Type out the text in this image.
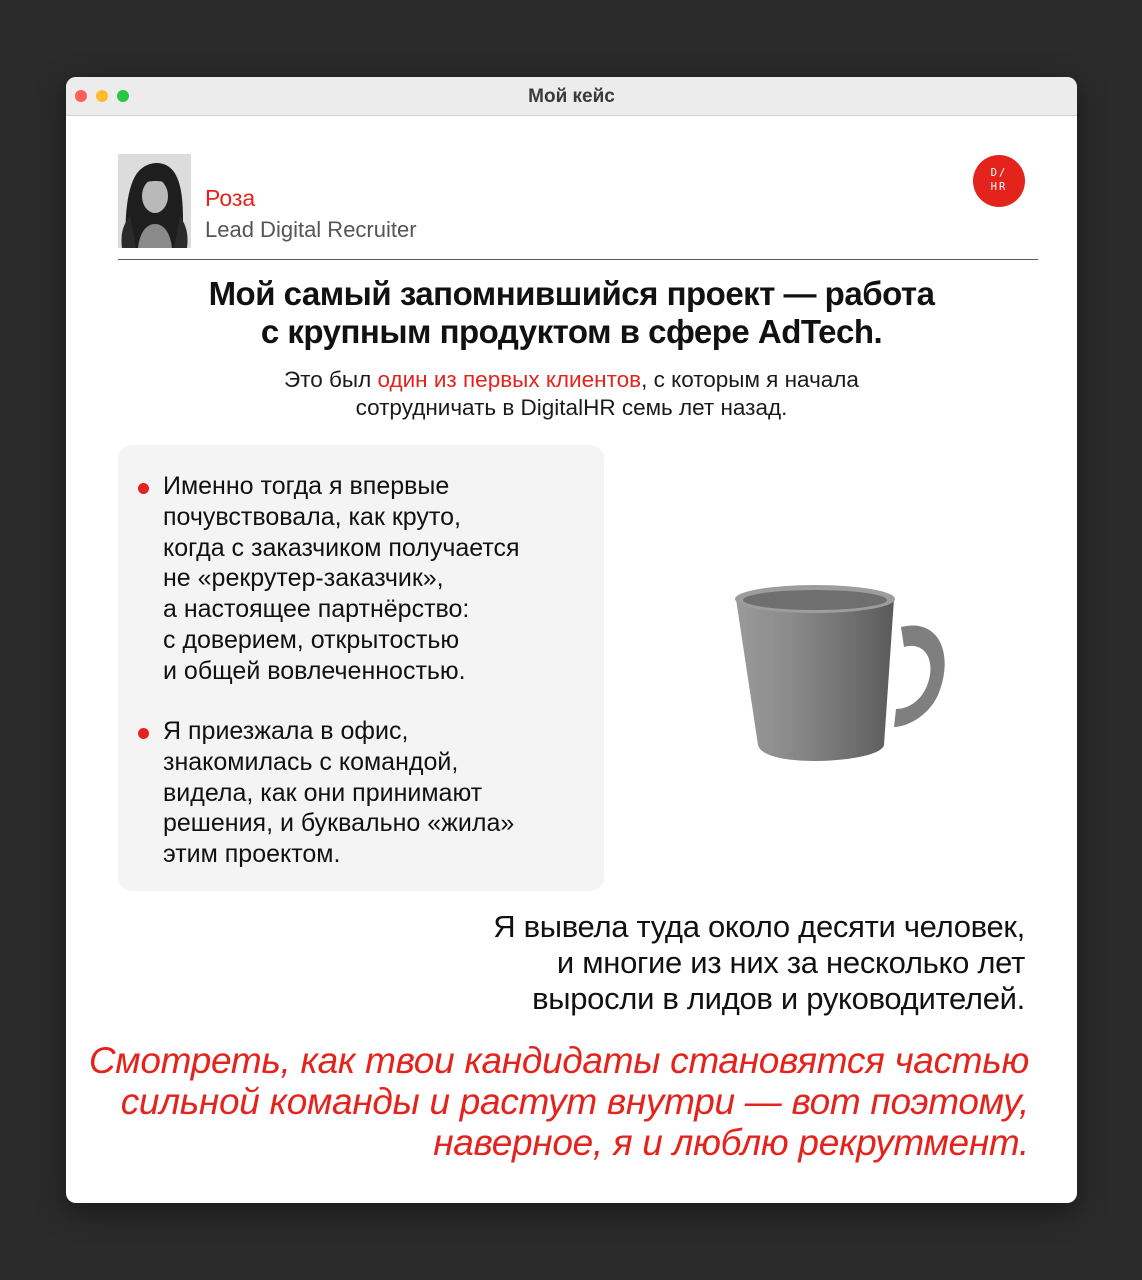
Мой кейс
Роза
Lead Digital Recruiter
D/
HR
Мой самый запомнившийся проект — работа
с крупным продуктом в сфере AdTech.
Это был один из первых клиентов, с которым я начала
сотрудничать в DigitalHR семь лет назад.
Именно тогда я впервые
почувствовала, как круто,
когда с заказчиком получается
не «рекрутер-заказчик»,
а настоящее партнёрство:
с доверием, открытостью
и общей вовлеченностью.
Я приезжала в офис,
знакомилась с командой,
видела, как они принимают
решения, и буквально «жила»
этим проектом.
Я вывела туда около десяти человек,
и многие из них за несколько лет
выросли в лидов и руководителей.
Смотреть, как твои кандидаты становятся частью
сильной команды и растут внутри — вот поэтому,
наверное, я и люблю рекрутмент.
